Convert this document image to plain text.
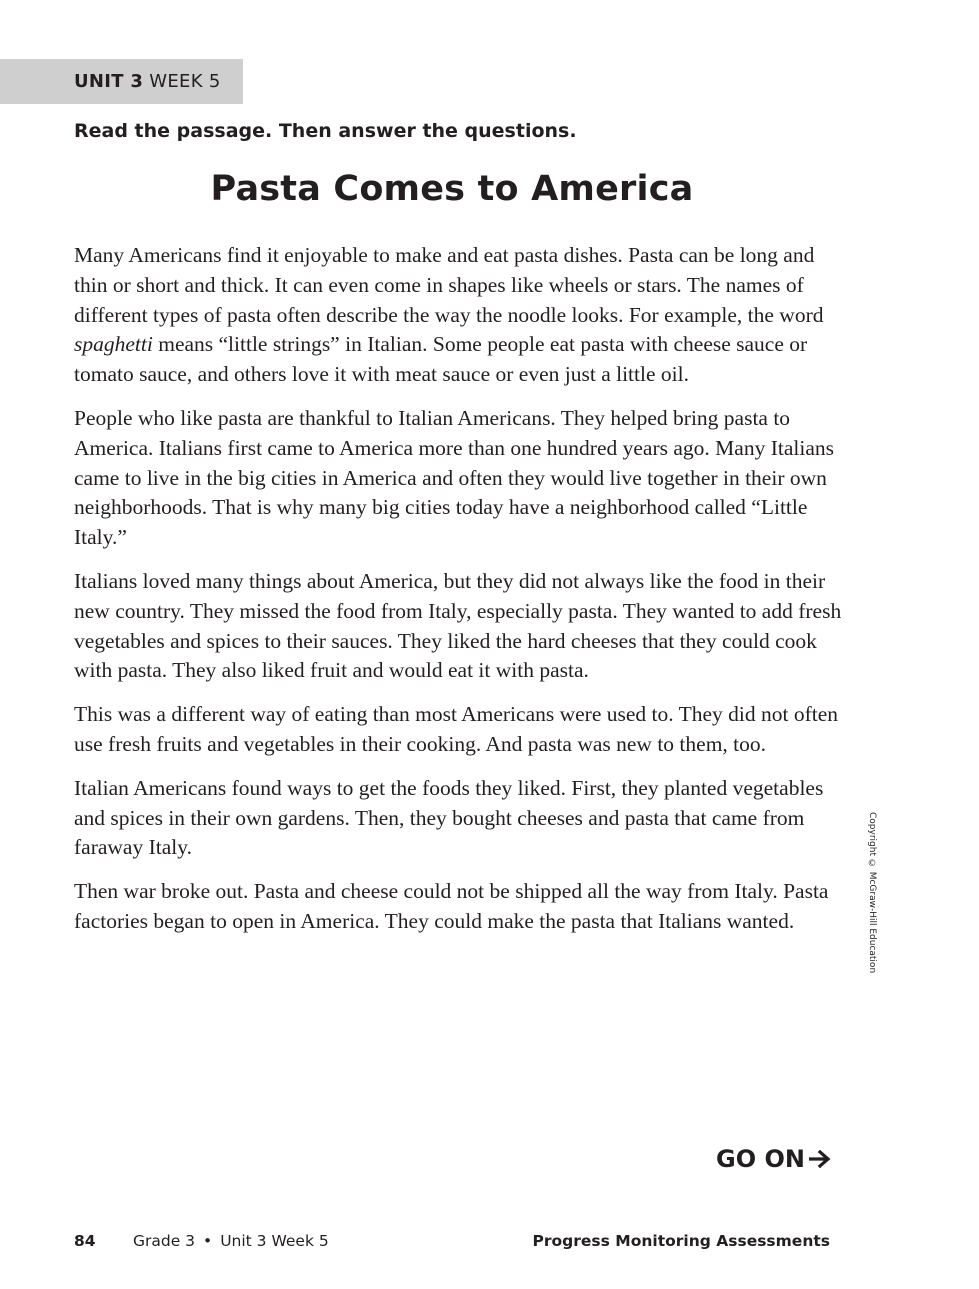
UNIT 3 WEEK 5
Read the passage. Then answer the questions.
Pasta Comes to America

Many Americans find it enjoyable to make and eat pasta dishes. Pasta can be long and thin or short and thick. It can even come in shapes like wheels or stars. The names of different types of pasta often describe the way the noodle looks. For example, the word spaghetti means “little strings” in Italian. Some people eat pasta with cheese sauce or tomato sauce, and others love it with meat sauce or even just a little oil.

People who like pasta are thankful to Italian Americans. They helped bring pasta to America. Italians first came to America more than one hundred years ago. Many Italians came to live in the big cities in America and often they would live together in their own neighborhoods. That is why many big cities today have a neighborhood called “Little Italy.”

Italians loved many things about America, but they did not always like the food in their new country. They missed the food from Italy, especially pasta. They wanted to add fresh vegetables and spices to their sauces. They liked the hard cheeses that they could cook with pasta. They also liked fruit and would eat it with pasta.

This was a different way of eating than most Americans were used to. They did not often use fresh fruits and vegetables in their cooking. And pasta was new to them, too.

Italian Americans found ways to get the foods they liked. First, they planted vegetables and spices in their own gardens. Then, they bought cheeses and pasta that came from faraway Italy.

Then war broke out. Pasta and cheese could not be shipped all the way from Italy. Pasta factories began to open in America. They could make the pasta that Italians wanted.	Copyright © McGraw-Hill Education
GO ON
84 Grade 3 • Unit 3 Week 5	Progress Monitoring Assessments
